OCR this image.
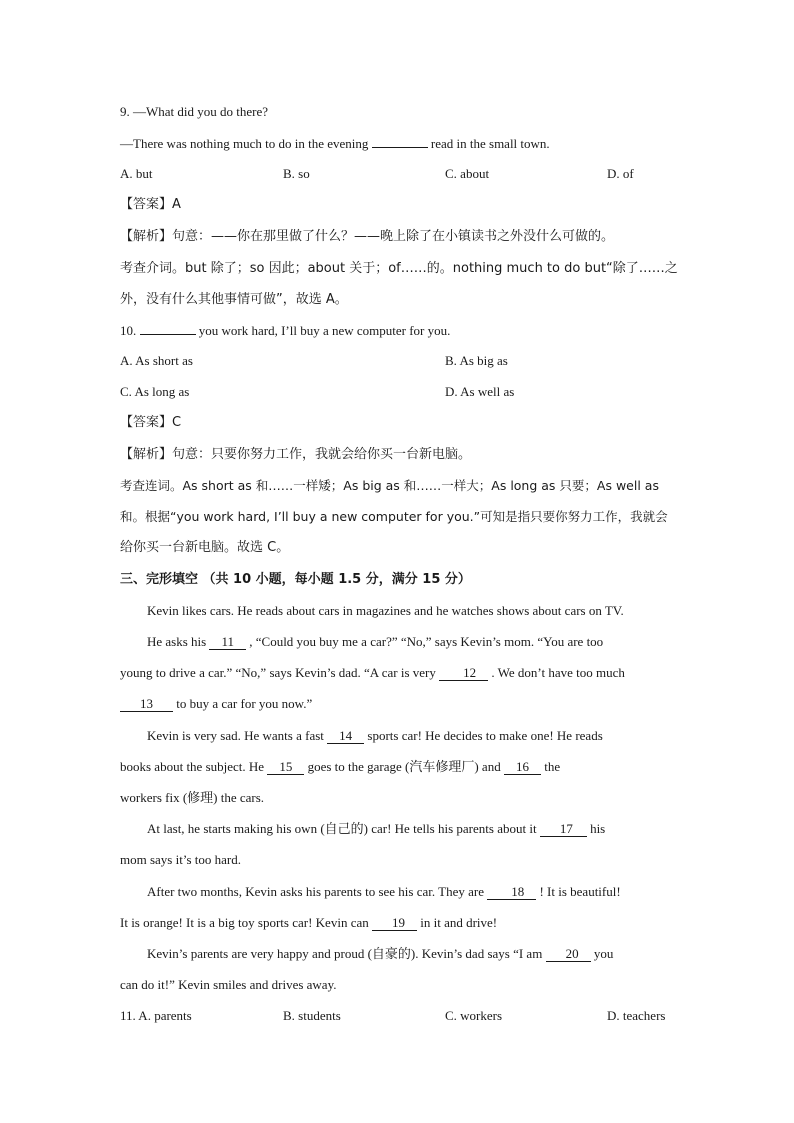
9. —What did you do there?
—There was nothing much to do in the evening	read in the small town.
A. but	B. so	C. about	D. of
【答案】A
【解析】句意：——你在那里做了什么？——晚上除了在小镇读书之外没什么可做的。
考查介词。but 除了；so 因此；about 关于；of……的。nothing much to do but“除了……之
外，没有什么其他事情可做”，故选 A。
10.	you work hard, I’ll buy a new computer for you.
A. As short as	B. As big as
C. As long as	D. As well as
【答案】C
【解析】句意：只要你努力工作，我就会给你买一台新电脑。
考查连词。As short as 和……一样矮；As big as 和……一样大；As long as 只要；As well as
和。根据“you work hard, I’ll buy a new computer for you.”可知是指只要你努力工作，我就会
给你买一台新电脑。故选 C。
三、完形填空 （共 10 小题，每小题 1.5 分，满分 15 分）
Kevin likes cars. He reads about cars in magazines and he watches shows about cars on TV.
He asks his 11 , “Could you buy me a car?” “No,” says Kevin’s mom. “You are too
young to drive a car.” “No,” says Kevin’s dad. “A car is very 12 . We don’t have too much
13 to buy a car for you now.”
Kevin is very sad. He wants a fast 14 sports car! He decides to make one! He reads
books about the subject. He 15 goes to the garage (汽车修理厂) and 16 the
workers fix (修理) the cars.
At last, he starts making his own (自己的) car! He tells his parents about it 17 his
mom says it’s too hard.
After two months, Kevin asks his parents to see his car. They are 18 ! It is beautiful!
It is orange! It is a big toy sports car! Kevin can 19 in it and drive!
Kevin’s parents are very happy and proud (自豪的). Kevin’s dad says “I am 20 you
can do it!” Kevin smiles and drives away.
11. A. parents	B. students	C. workers	D. teachers
